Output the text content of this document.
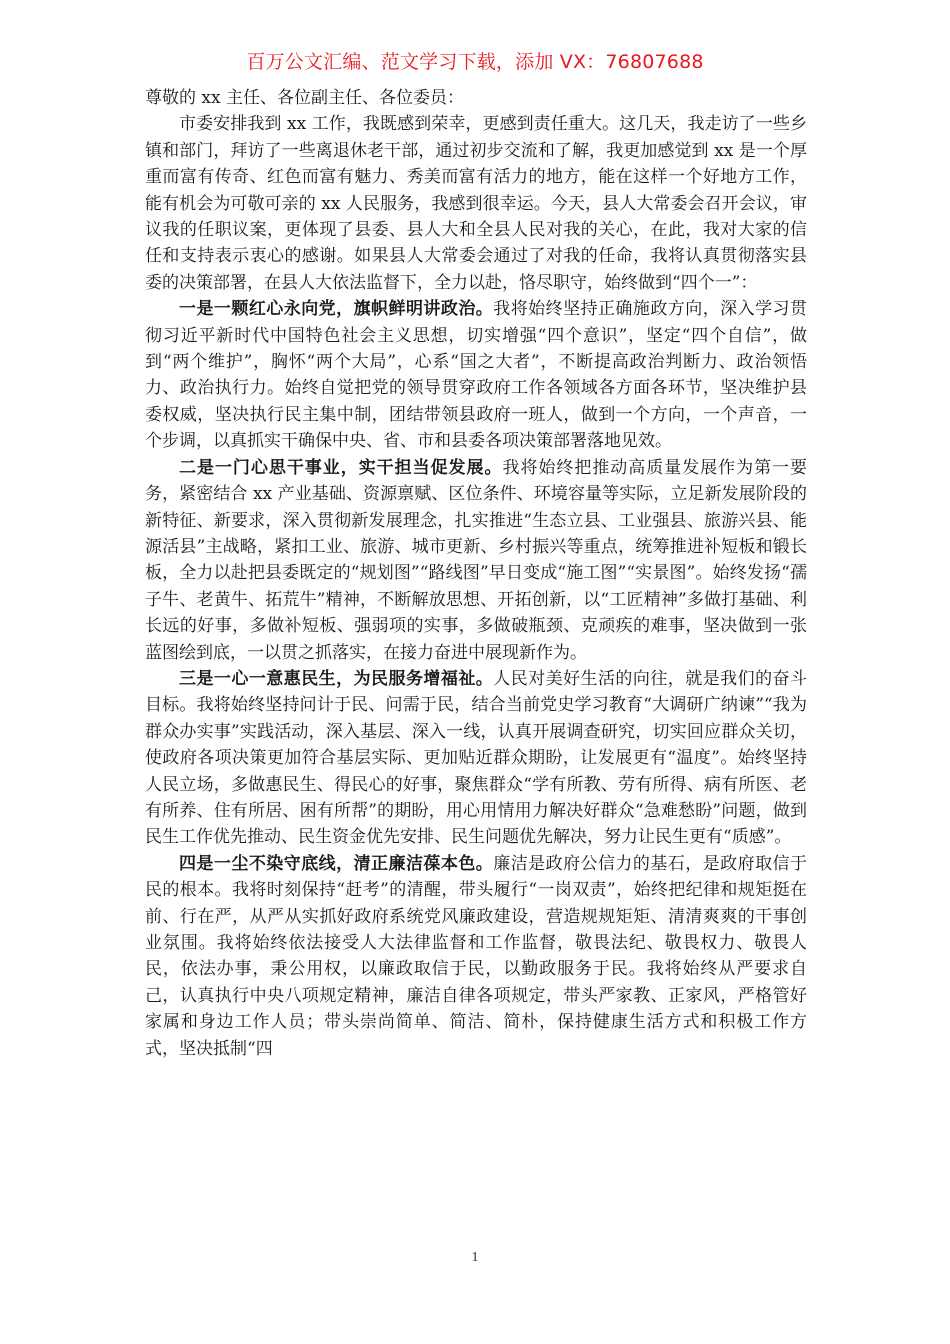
百万公文汇编、范文学习下载，添加 VX：76807688

尊敬的 xx 主任、各位副主任、各位委员：

市委安排我到 xx 工作，我既感到荣幸，更感到责任重大。这几天，我走访了一些乡镇和部门，拜访了一些离退休老干部，通过初步交流和了解，我更加感觉到 xx 是一个厚重而富有传奇、红色而富有魅力、秀美而富有活力的地方，能在这样一个好地方工作，能有机会为可敬可亲的 xx 人民服务，我感到很幸运。今天，县人大常委会召开会议，审议我的任职议案，更体现了县委、县人大和全县人民对我的关心，在此，我对大家的信任和支持表示衷心的感谢。如果县人大常委会通过了对我的任命，我将认真贯彻落实县委的决策部署，在县人大依法监督下，全力以赴，恪尽职守，始终做到“四个一”：

一是一颗红心永向党，旗帜鲜明讲政治。我将始终坚持正确施政方向，深入学习贯彻习近平新时代中国特色社会主义思想，切实增强“四个意识”，坚定“四个自信”，做到“两个维护”，胸怀“两个大局”，心系“国之大者”，不断提高政治判断力、政治领悟力、政治执行力。始终自觉把党的领导贯穿政府工作各领域各方面各环节，坚决维护县委权威，坚决执行民主集中制，团结带领县政府一班人，做到一个方向，一个声音，一个步调，以真抓实干确保中央、省、市和县委各项决策部署落地见效。

二是一门心思干事业，实干担当促发展。我将始终把推动高质量发展作为第一要务，紧密结合 xx 产业基础、资源禀赋、区位条件、环境容量等实际，立足新发展阶段的新特征、新要求，深入贯彻新发展理念，扎实推进“生态立县、工业强县、旅游兴县、能源活县”主战略，紧扣工业、旅游、城市更新、乡村振兴等重点，统筹推进补短板和锻长板，全力以赴把县委既定的“规划图”“路线图”早日变成“施工图”“实景图”。始终发扬“孺子牛、老黄牛、拓荒牛”精神，不断解放思想、开拓创新，以“工匠精神”多做打基础、利长远的好事，多做补短板、强弱项的实事，多做破瓶颈、克顽疾的难事，坚决做到一张蓝图绘到底，一以贯之抓落实，在接力奋进中展现新作为。

三是一心一意惠民生，为民服务增福祉。人民对美好生活的向往，就是我们的奋斗目标。我将始终坚持问计于民、问需于民，结合当前党史学习教育“大调研广纳谏”“我为群众办实事”实践活动，深入基层、深入一线，认真开展调查研究，切实回应群众关切，使政府各项决策更加符合基层实际、更加贴近群众期盼，让发展更有“温度”。始终坚持人民立场，多做惠民生、得民心的好事，聚焦群众“学有所教、劳有所得、病有所医、老有所养、住有所居、困有所帮”的期盼，用心用情用力解决好群众“急难愁盼”问题，做到民生工作优先推动、民生资金优先安排、民生问题优先解决，努力让民生更有“质感”。

四是一尘不染守底线，清正廉洁葆本色。廉洁是政府公信力的基石，是政府取信于民的根本。我将时刻保持“赶考”的清醒，带头履行“一岗双责”，始终把纪律和规矩挺在前、行在严，从严从实抓好政府系统党风廉政建设，营造规规矩矩、清清爽爽的干事创业氛围。我将始终依法接受人大法律监督和工作监督，敬畏法纪、敬畏权力、敬畏人民，依法办事，秉公用权，以廉政取信于民，以勤政服务于民。我将始终从严要求自己，认真执行中央八项规定精神，廉洁自律各项规定，带头严家教、正家风，严格管好家属和身边工作人员；带头崇尚简单、简洁、简朴，保持健康生活方式和积极工作方式，坚决抵制“四

1
